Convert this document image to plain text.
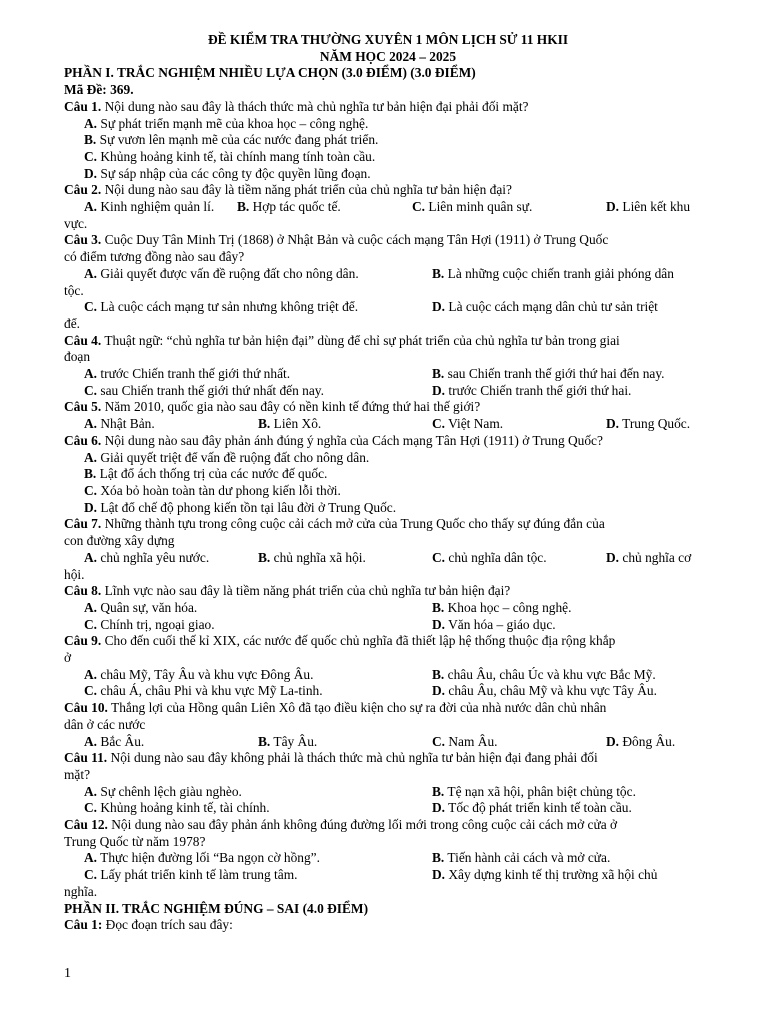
ĐỀ KIỂM TRA THƯỜNG XUYÊN 1 MÔN LỊCH SỬ 11 HKII
NĂM HỌC 2024 – 2025
PHẦN I. TRẮC NGHIỆM NHIỀU LỰA CHỌN (3.0 ĐIỂM) (3.0 ĐIỂM)
Mã Đề: 369.
Câu 1. Nội dung nào sau đây là thách thức mà chủ nghĩa tư bản hiện đại phải đối mặt?
A. Sự phát triển mạnh mẽ của khoa học – công nghệ.
B. Sự vươn lên mạnh mẽ của các nước đang phát triển.
C. Khủng hoảng kinh tế, tài chính mang tính toàn cầu.
D. Sự sáp nhập của các công ty độc quyền lũng đoạn.
Câu 2. Nội dung nào sau đây là tiềm năng phát triển của chủ nghĩa tư bản hiện đại?
A. Kinh nghiệm quản lí.	B. Hợp tác quốc tế.	C. Liên minh quân sự.	D. Liên kết khu
vực.
Câu 3. Cuộc Duy Tân Minh Trị (1868) ở Nhật Bản và cuộc cách mạng Tân Hợi (1911) ở Trung Quốc
có điểm tương đồng nào sau đây?
A. Giải quyết được vấn đề ruộng đất cho nông dân.	B. Là những cuộc chiến tranh giải phóng dân
tộc.
C. Là cuộc cách mạng tư sản nhưng không triệt để.	D. Là cuộc cách mạng dân chủ tư sản triệt
để.
Câu 4. Thuật ngữ: “chủ nghĩa tư bản hiện đại” dùng để chỉ sự phát triển của chủ nghĩa tư bản trong giai
đoạn
A. trước Chiến tranh thế giới thứ nhất.	B. sau Chiến tranh thế giới thứ hai đến nay.
C. sau Chiến tranh thế giới thứ nhất đến nay.	D. trước Chiến tranh thế giới thứ hai.
Câu 5. Năm 2010, quốc gia nào sau đây có nền kinh tế đứng thứ hai thế giới?
A. Nhật Bản.	B. Liên Xô.	C. Việt Nam.	D. Trung Quốc.
Câu 6. Nội dung nào sau đây phản ánh đúng ý nghĩa của Cách mạng Tân Hợi (1911) ở Trung Quốc?
A. Giải quyết triệt để vấn đề ruộng đất cho nông dân.
B. Lật đổ ách thống trị của các nước đế quốc.
C. Xóa bỏ hoàn toàn tàn dư phong kiến lỗi thời.
D. Lật đổ chế độ phong kiến tồn tại lâu đời ở Trung Quốc.
Câu 7. Những thành tựu trong công cuộc cải cách mở cửa của Trung Quốc cho thấy sự đúng đắn của
con đường xây dựng
A. chủ nghĩa yêu nước.	B. chủ nghĩa xã hội.	C. chủ nghĩa dân tộc.	D. chủ nghĩa cơ
hội.
Câu 8. Lĩnh vực nào sau đây là tiềm năng phát triển của chủ nghĩa tư bản hiện đại?
A. Quân sự, văn hóa.	B. Khoa học – công nghệ.
C. Chính trị, ngoại giao.	D. Văn hóa – giáo dục.
Câu 9. Cho đến cuối thế kỉ XIX, các nước đế quốc chủ nghĩa đã thiết lập hệ thống thuộc địa rộng khắp
ở
A. châu Mỹ, Tây Âu và khu vực Đông Âu.	B. châu Âu, châu Úc và khu vực Bắc Mỹ.
C. châu Á, châu Phi và khu vực Mỹ La-tinh.	D. châu Âu, châu Mỹ và khu vực Tây Âu.
Câu 10. Thắng lợi của Hồng quân Liên Xô đã tạo điều kiện cho sự ra đời của nhà nước dân chủ nhân
dân ở các nước
A. Bắc Âu.	B. Tây Âu.	C. Nam Âu.	D. Đông Âu.
Câu 11. Nội dung nào sau đây không phải là thách thức mà chủ nghĩa tư bản hiện đại đang phải đối
mặt?
A. Sự chênh lệch giàu nghèo.	B. Tệ nạn xã hội, phân biệt chủng tộc.
C. Khủng hoảng kinh tế, tài chính.	D. Tốc độ phát triển kinh tế toàn cầu.
Câu 12. Nội dung nào sau đây phản ánh không đúng đường lối mới trong công cuộc cải cách mở cửa ở
Trung Quốc từ năm 1978?
A. Thực hiện đường lối “Ba ngọn cờ hồng”.	B. Tiến hành cải cách và mở cửa.
C. Lấy phát triển kinh tế làm trung tâm.	D. Xây dựng kinh tế thị trường xã hội chủ
nghĩa.
PHẦN II. TRẮC NGHIỆM ĐÚNG – SAI (4.0 ĐIỂM)
Câu 1: Đọc đoạn trích sau đây:
1
